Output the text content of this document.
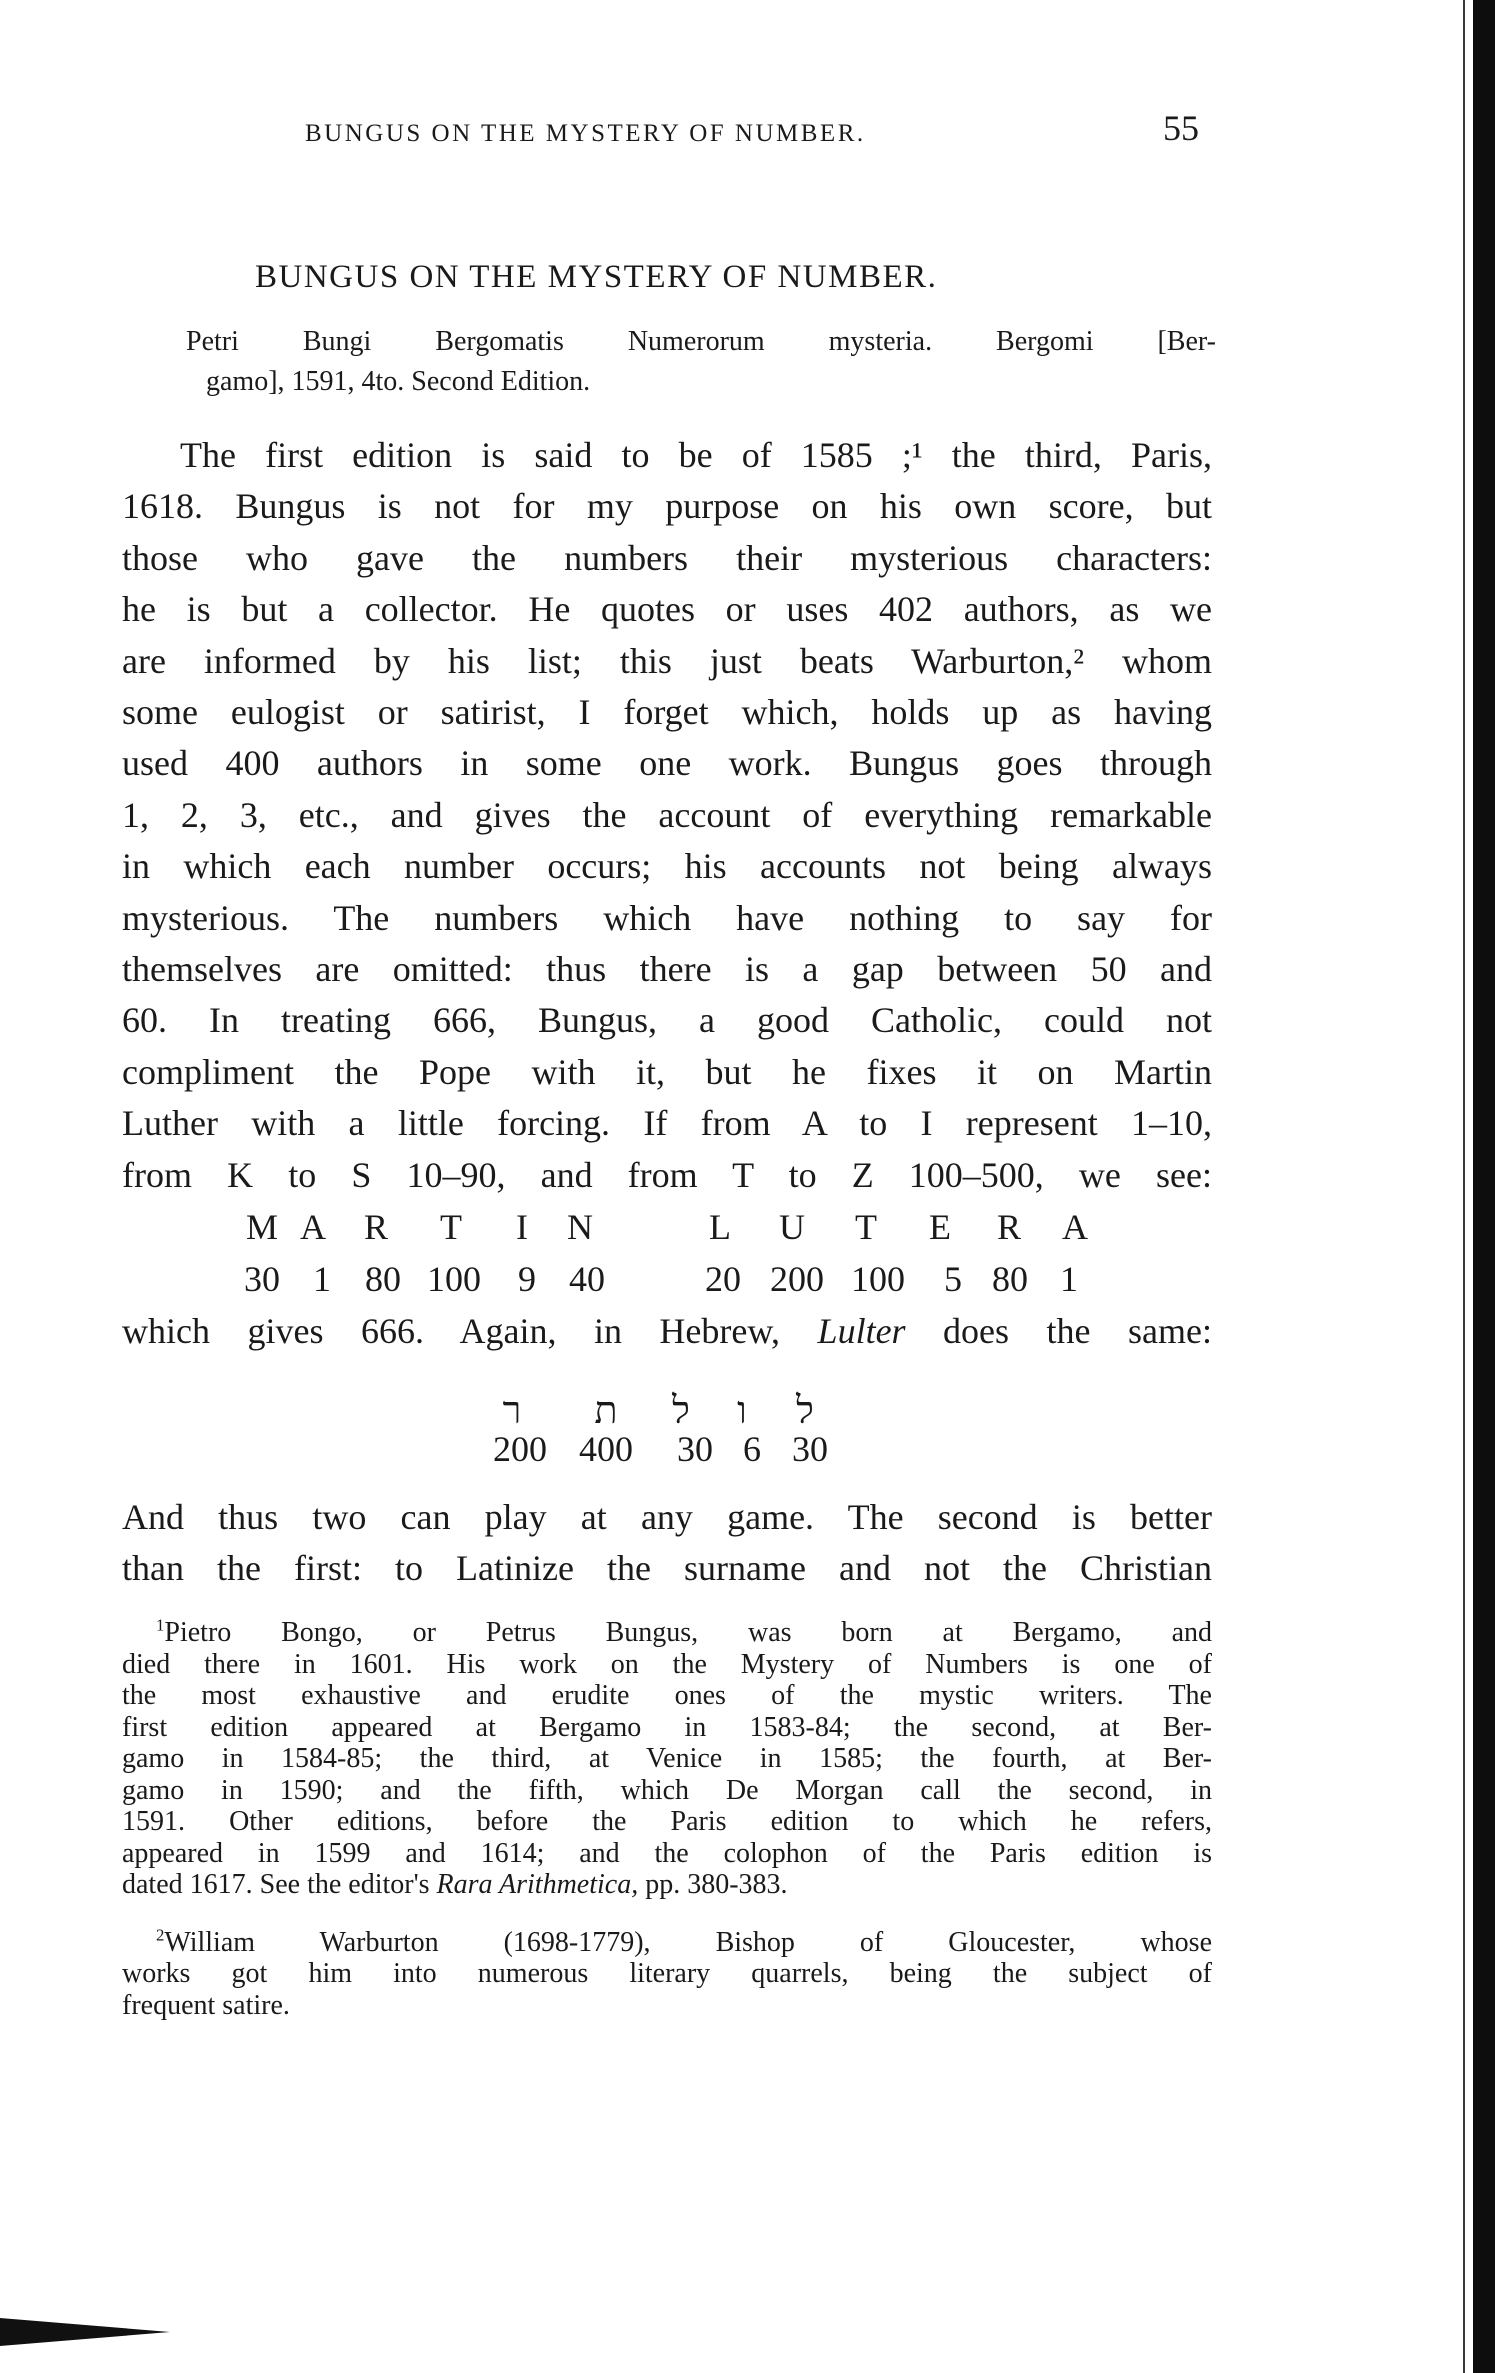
BUNGUS ON THE MYSTERY OF NUMBER.	55
BUNGUS ON THE MYSTERY OF NUMBER.
Petri Bungi Bergomatis Numerorum mysteria. Bergomi [Ber-
gamo], 1591, 4to. Second Edition.
The first edition is said to be of 1585 ;¹ the third, Paris,
1618. Bungus is not for my purpose on his own score, but
those who gave the numbers their mysterious characters:
he is but a collector. He quotes or uses 402 authors, as we
are informed by his list; this just beats Warburton,² whom
some eulogist or satirist, I forget which, holds up as having
used 400 authors in some one work. Bungus goes through
1, 2, 3, etc., and gives the account of everything remarkable
in which each number occurs; his accounts not being always
mysterious. The numbers which have nothing to say for
themselves are omitted: thus there is a gap between 50 and
60. In treating 666, Bungus, a good Catholic, could not
compliment the Pope with it, but he fixes it on Martin
Luther with a little forcing. If from A to I represent 1–10,
from K to S 10–90, and from T to Z 100–500, we see:
M A R T I N	L U T E R A
30 1 80 100 9 40	20 200 100 5 80 1
which gives 666. Again, in Hebrew, Lulter does the same:
ר ת ל ו ל
200 400 30 6 30
And thus two can play at any game. The second is better
than the first: to Latinize the surname and not the Christian
$^1$Pietro Bongo, or Petrus Bungus, was born at Bergamo, and
died there in 1601. His work on the Mystery of Numbers is one of
the most exhaustive and erudite ones of the mystic writers. The
first edition appeared at Bergamo in 1583-84; the second, at Ber-
gamo in 1584-85; the third, at Venice in 1585; the fourth, at Ber-
gamo in 1590; and the fifth, which De Morgan call the second, in
1591. Other editions, before the Paris edition to which he refers,
appeared in 1599 and 1614; and the colophon of the Paris edition is
dated 1617. See the editor's Rara Arithmetica, pp. 380-383.
$^2$William Warburton (1698-1779), Bishop of Gloucester, whose
works got him into numerous literary quarrels, being the subject of
frequent satire.
